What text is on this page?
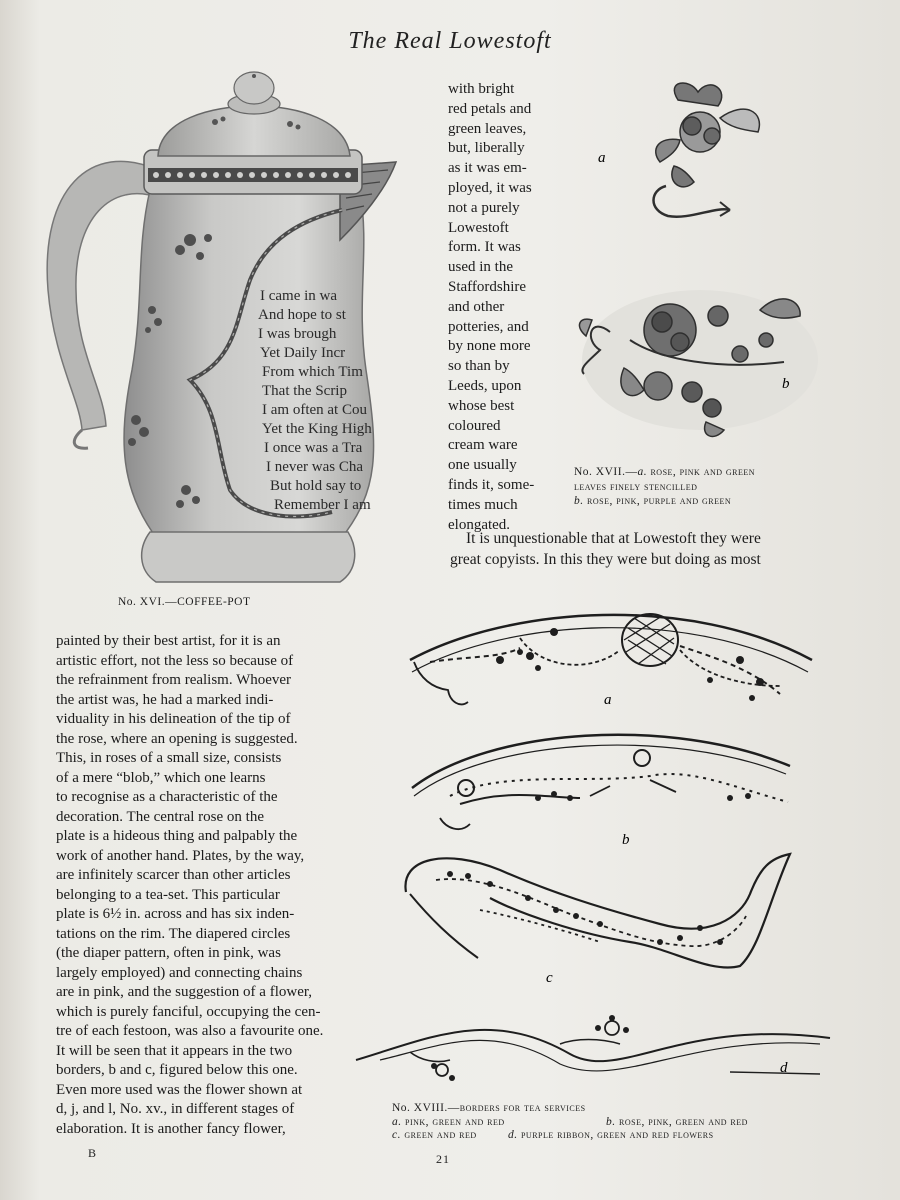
The Real Lowestoft
I came in wa
And hope to st
I was brough
Yet Daily Incr
From which Tim
That the Scrip
I am often at Cou
Yet the King High
I once was a Tra
I never was Cha
But hold say to
Remember I am
No. XVI.—COFFEE-POT
with bright
red petals and
green leaves,
but, liberally
as it was em-
ployed, it was
not a purely
Lowestoft
form. It was
used in the
Staffordshire
and other
potteries, and
by none more
so than by
Leeds, upon
whose best
coloured
cream ware
one usually
finds it, some-
times much
elongated.
a
b
No. XVII.—a. rose, pink and green
leaves finely stencilled
b. rose, pink, purple and green
It is unquestionable that at Lowestoft they were
great copyists. In this they were but doing as most
painted by their best artist, for it is an
artistic effort, not the less so because of
the refrainment from realism. Whoever
the artist was, he had a marked indi-
viduality in his delineation of the tip of
the rose, where an opening is suggested.
This, in roses of a small size, consists
of a mere “blob,” which one learns
to recognise as a characteristic of the
decoration. The central rose on the
plate is a hideous thing and palpably the
work of another hand. Plates, by the way,
are infinitely scarcer than other articles
belonging to a tea-set. This particular
plate is 6½ in. across and has six inden-
tations on the rim. The diapered circles
(the diaper pattern, often in pink, was
largely employed) and connecting chains
are in pink, and the suggestion of a flower,
which is purely fanciful, occupying the cen-
tre of each festoon, was also a favourite one.
It will be seen that it appears in the two
borders, b and c, figured below this one.
Even more used was the flower shown at
d, j, and l, No. xv., in different stages of
elaboration. It is another fancy flower,
a
b
c
d
No. XVIII.—borders for tea services
a. pink, green and red	b. rose, pink, green and red
c. green and red	d. purple ribbon, green and red flowers
B	21
